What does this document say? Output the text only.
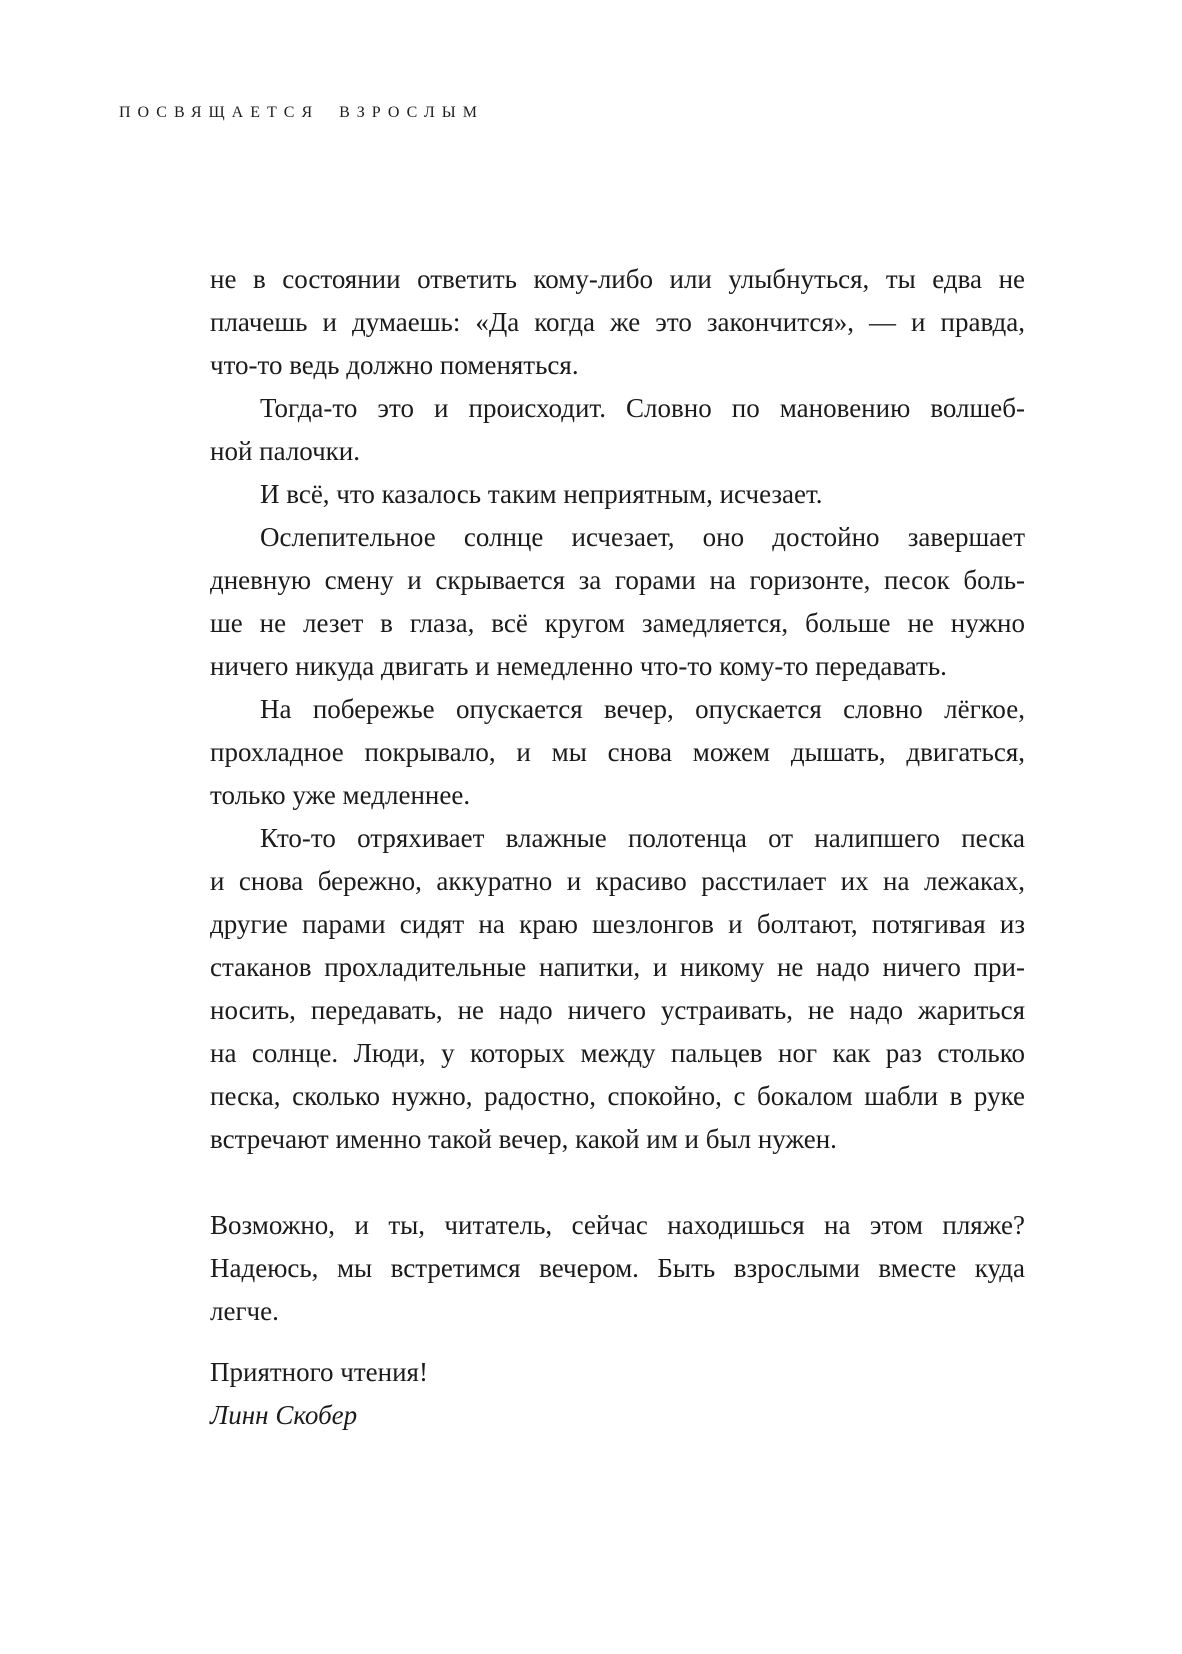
ПОСВЯЩАЕТСЯ ВЗРОСЛЫМ
не в состоянии ответить кому-либо или улыбнуться, ты едва не
плачешь и думаешь: «Да когда же это закончится», — и правда,
что-то ведь должно поменяться.
Тогда-то это и происходит. Словно по мановению волшеб-
ной палочки.
И всё, что казалось таким неприятным, исчезает.
Ослепительное солнце исчезает, оно достойно завершает
дневную смену и скрывается за горами на горизонте, песок боль-
ше не лезет в глаза, всё кругом замедляется, больше не нужно
ничего никуда двигать и немедленно что-то кому-то передавать.
На побережье опускается вечер, опускается словно лёгкое,
прохладное покрывало, и мы снова можем дышать, двигаться,
только уже медленнее.
Кто-то отряхивает влажные полотенца от налипшего песка
и снова бережно, аккуратно и красиво расстилает их на лежаках,
другие парами сидят на краю шезлонгов и болтают, потягивая из
стаканов прохладительные напитки, и никому не надо ничего при-
носить, передавать, не надо ничего устраивать, не надо жариться
на солнце. Люди, у которых между пальцев ног как раз столько
песка, сколько нужно, радостно, спокойно, с бокалом шабли в руке
встречают именно такой вечер, какой им и был нужен.
Возможно, и ты, читатель, сейчас находишься на этом пляже?
Надеюсь, мы встретимся вечером. Быть взрослыми вместе куда
легче.
Приятного чтения!
Линн Скобер
